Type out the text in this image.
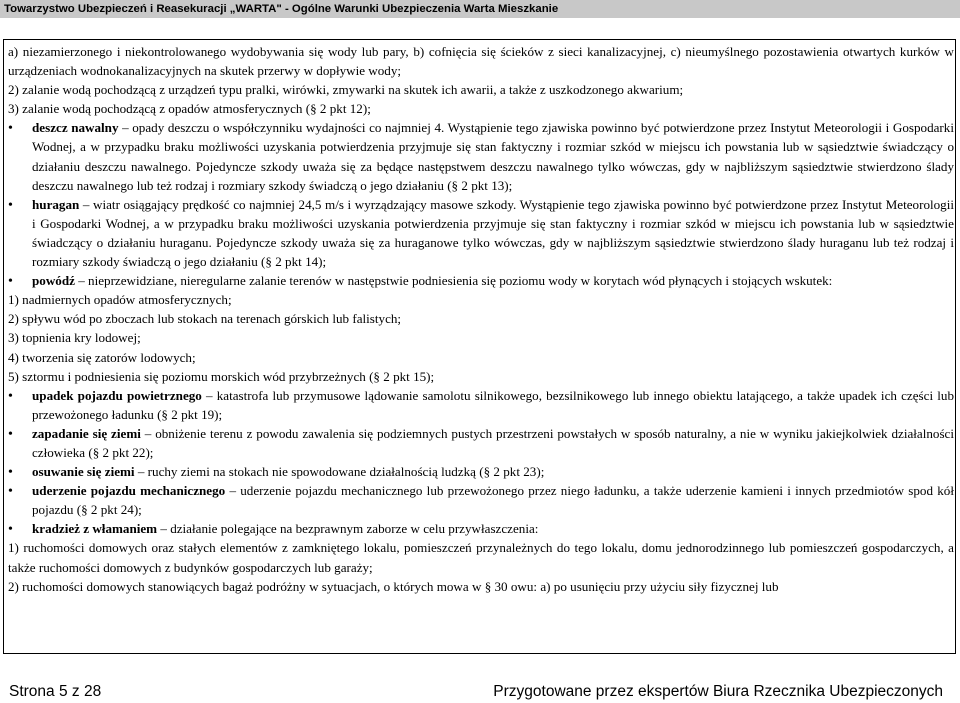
Towarzystwo Ubezpieczeń i Reasekuracji „WARTA" - Ogólne Warunki Ubezpieczenia Warta Mieszkanie

a) niezamierzonego i niekontrolowanego wydobywania się wody lub pary, b) cofnięcia się ścieków z sieci kanalizacyjnej, c) nieumyślnego pozostawienia otwartych kurków w urządzeniach wodnokanalizacyjnych na skutek przerwy w dopływie wody;

2) zalanie wodą pochodzącą z urządzeń typu pralki, wirówki, zmywarki na skutek ich awarii, a także z uszkodzonego akwarium;

3) zalanie wodą pochodzącą z opadów atmosferycznych (§ 2 pkt 12);

•
deszcz nawalny – opady deszczu o współczynniku wydajności co najmniej 4. Wystąpienie tego zjawiska powinno być potwierdzone przez Instytut Meteorologii i Gospodarki Wodnej, a w przypadku braku możliwości uzyskania potwierdzenia przyjmuje się stan faktyczny i rozmiar szkód w miejscu ich powstania lub w sąsiedztwie świadczący o działaniu deszczu nawalnego. Pojedyncze szkody uważa się za będące następstwem deszczu nawalnego tylko wówczas, gdy w najbliższym sąsiedztwie stwierdzono ślady deszczu nawalnego lub też rodzaj i rozmiary szkody świadczą o jego działaniu (§ 2 pkt 13);
•
huragan – wiatr osiągający prędkość co najmniej 24,5 m/s i wyrządzający masowe szkody. Wystąpienie tego zjawiska powinno być potwierdzone przez Instytut Meteorologii i Gospodarki Wodnej, a w przypadku braku możliwości uzyskania potwierdzenia przyjmuje się stan faktyczny i rozmiar szkód w miejscu ich powstania lub w sąsiedztwie świadczący o działaniu huraganu. Pojedyncze szkody uważa się za huraganowe tylko wówczas, gdy w najbliższym sąsiedztwie stwierdzono ślady huraganu lub też rodzaj i rozmiary szkody świadczą o jego działaniu (§ 2 pkt 14);
•
powódź – nieprzewidziane, nieregularne zalanie terenów w następstwie podniesienia się poziomu wody w korytach wód płynących i stojących wskutek:

1) nadmiernych opadów atmosferycznych;

2) spływu wód po zboczach lub stokach na terenach górskich lub falistych;

3) topnienia kry lodowej;

4) tworzenia się zatorów lodowych;

5) sztormu i podniesienia się poziomu morskich wód przybrzeżnych (§ 2 pkt 15);

•
upadek pojazdu powietrznego – katastrofa lub przymusowe lądowanie samolotu silnikowego, bezsilnikowego lub innego obiektu latającego, a także upadek ich części lub przewożonego ładunku (§ 2 pkt 19);
•
zapadanie się ziemi – obniżenie terenu z powodu zawalenia się podziemnych pustych przestrzeni powstałych w sposób naturalny, a nie w wyniku jakiejkolwiek działalności człowieka (§ 2 pkt 22);
•
osuwanie się ziemi – ruchy ziemi na stokach nie spowodowane działalnością ludzką (§ 2 pkt 23);
•
uderzenie pojazdu mechanicznego – uderzenie pojazdu mechanicznego lub przewożonego przez niego ładunku, a także uderzenie kamieni i innych przedmiotów spod kół pojazdu (§ 2 pkt 24);
•
kradzież z włamaniem – działanie polegające na bezprawnym zaborze w celu przywłaszczenia:

1) ruchomości domowych oraz stałych elementów z zamkniętego lokalu, pomieszczeń przynależnych do tego lokalu, domu jednorodzinnego lub pomieszczeń gospodarczych, a także ruchomości domowych z budynków gospodarczych lub garaży;

2) ruchomości domowych stanowiących bagaż podróżny w sytuacjach, o których mowa w § 30 owu: a) po usunięciu przy użyciu siły fizycznej lub

Strona 5 z 28	Przygotowane przez ekspertów Biura Rzecznika Ubezpieczonych
